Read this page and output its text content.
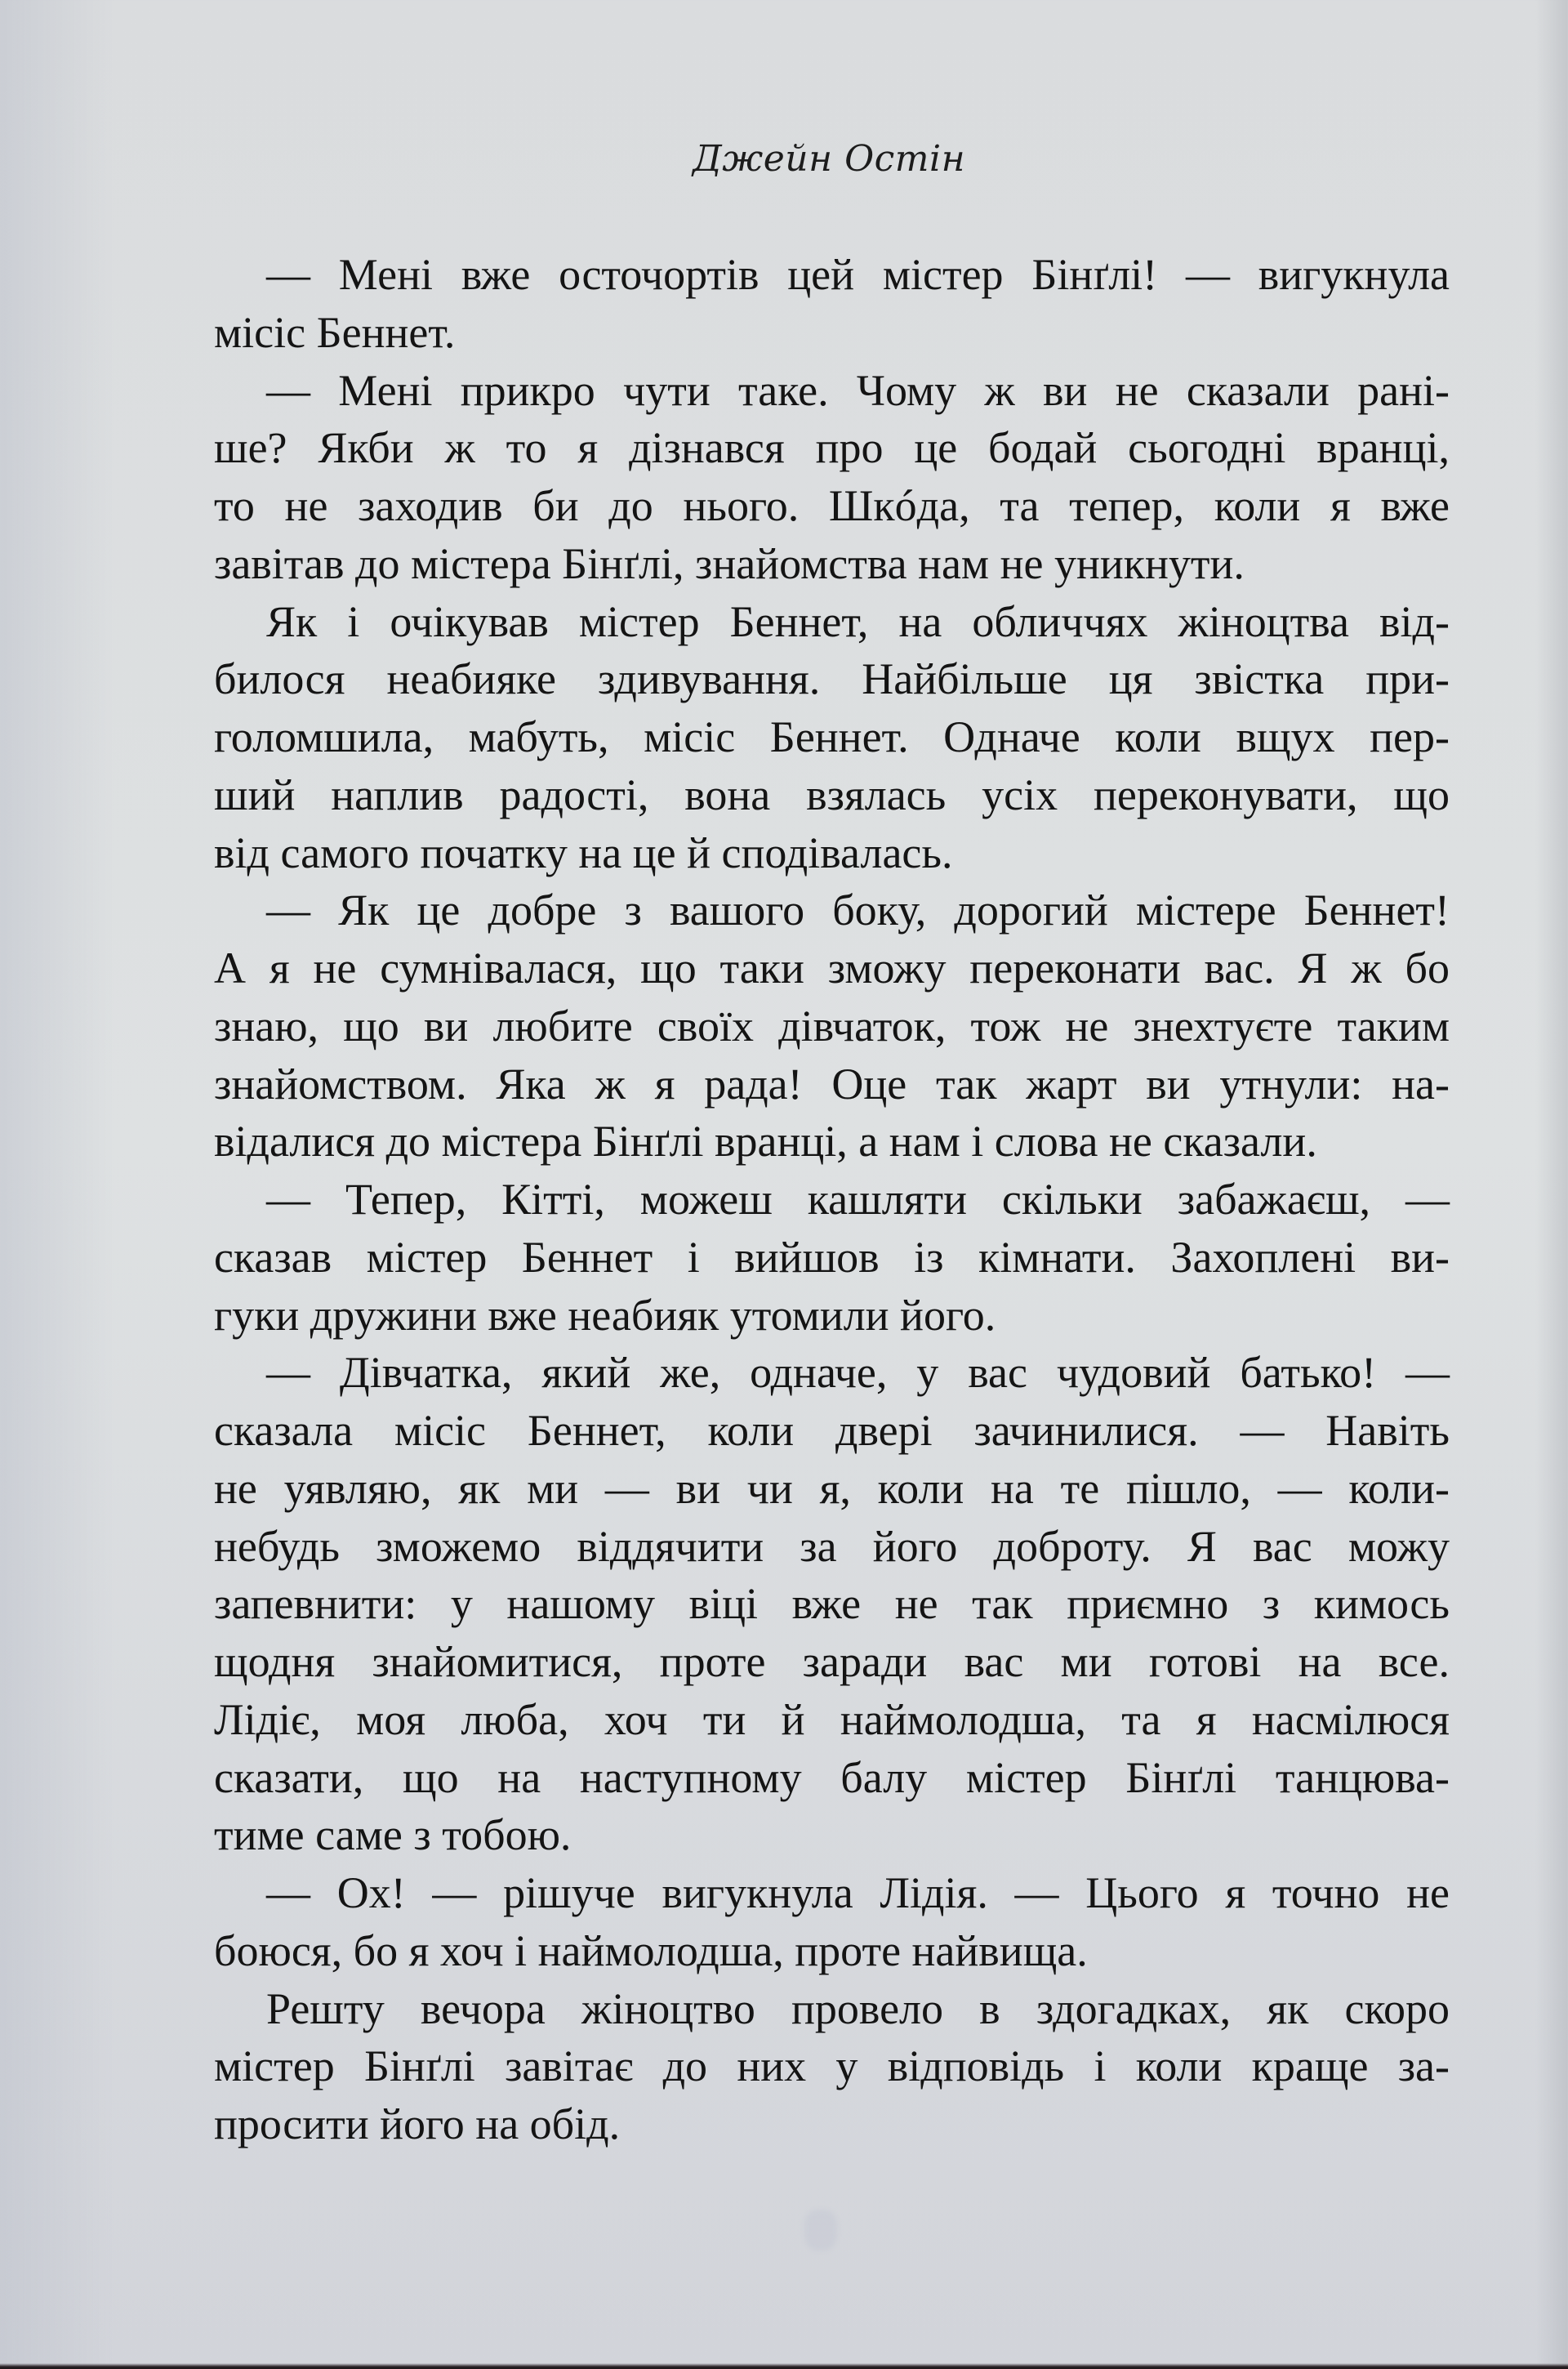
Джейн Остін
— Мені вже осточортів цей містер Бінґлі! — вигукнула
місіс Беннет.
— Мені прикро чути таке. Чому ж ви не сказали рані-
ше? Якби ж то я дізнався про це бодай сьогодні вранці,
то не заходив би до нього. Шкóда, та тепер, коли я вже
завітав до містера Бінґлі, знайомства нам не уникнути.
Як і очікував містер Беннет, на обличчях жіноцтва від-
билося неабияке здивування. Найбільше ця звістка при-
голомшила, мабуть, місіс Беннет. Одначе коли вщух пер-
ший наплив радості, вона взялась усіх переконувати, що
від самого початку на це й сподівалась.
— Як це добре з вашого боку, дорогий містере Беннет!
А я не сумнівалася, що таки зможу переконати вас. Я ж бо
знаю, що ви любите своїх дівчаток, тож не знехтуєте таким
знайомством. Яка ж я рада! Оце так жарт ви утнули: на-
відалися до містера Бінґлі вранці, а нам і слова не сказали.
— Тепер, Кітті, можеш кашляти скільки забажаєш, —
сказав містер Беннет і вийшов із кімнати. Захоплені ви-
гуки дружини вже неабияк утомили його.
— Дівчатка, який же, одначе, у вас чудовий батько! —
сказала місіс Беннет, коли двері зачинилися. — Навіть
не уявляю, як ми — ви чи я, коли на те пішло, — коли-
небудь зможемо віддячити за його доброту. Я вас можу
запевнити: у нашому віці вже не так приємно з кимось
щодня знайомитися, проте заради вас ми готові на все.
Лідіє, моя люба, хоч ти й наймолодша, та я насмілюся
сказати, що на наступному балу містер Бінґлі танцюва-
тиме саме з тобою.
— Ох! — рішуче вигукнула Лідія. — Цього я точно не
боюся, бо я хоч і наймолодша, проте найвища.
Решту вечора жіноцтво провело в здогадках, як скоро
містер Бінґлі завітає до них у відповідь і коли краще за-
просити його на обід.
